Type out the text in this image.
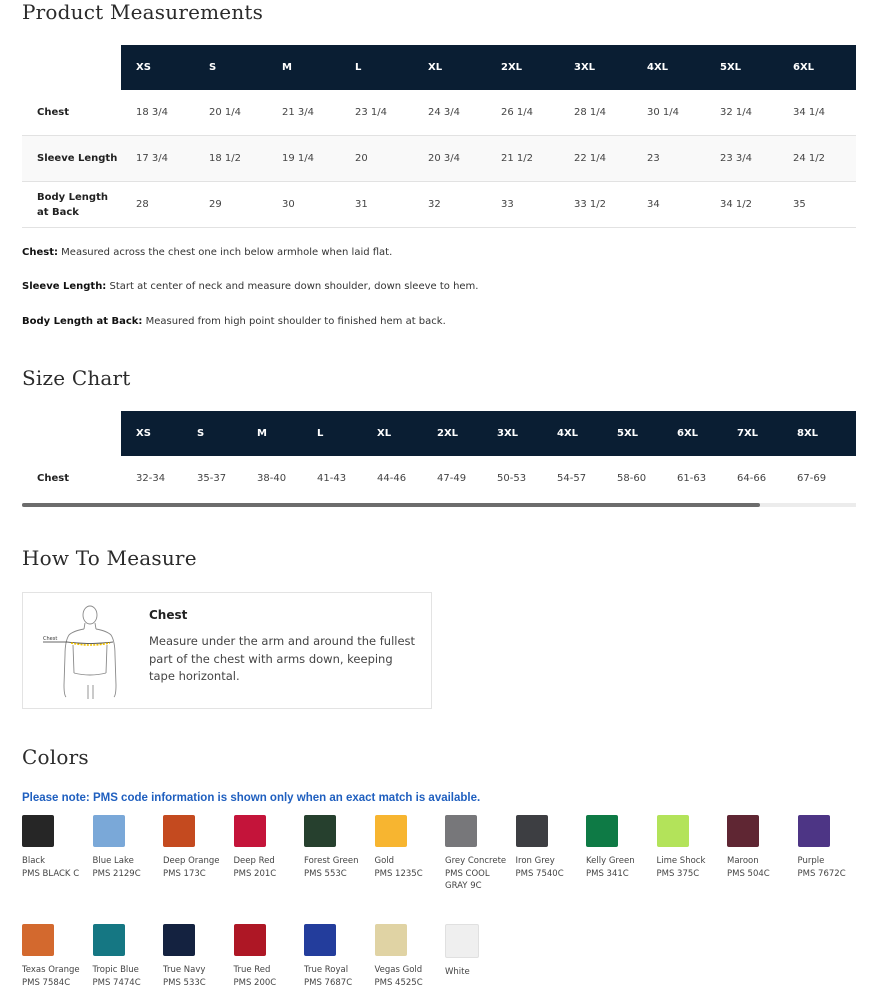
Product Measurements
	XS	S	M	L	XL	2XL	3XL	4XL	5XL	6XL
Chest	18 3/4	20 1/4	21 3/4	23 1/4	24 3/4	26 1/4	28 1/4	30 1/4	32 1/4	34 1/4
Sleeve Length	17 3/4	18 1/2	19 1/4	20	20 3/4	21 1/2	22 1/4	23	23 3/4	24 1/2
Body Length at Back	28	29	30	31	32	33	33 1/2	34	34 1/2	35
Chest: Measured across the chest one inch below armhole when laid flat.
Sleeve Length: Start at center of neck and measure down shoulder, down sleeve to hem.
Body Length at Back: Measured from high point shoulder to finished hem at back.
Size Chart
	XS	S	M	L	XL	2XL	3XL	4XL	5XL	6XL	7XL	8XL
Chest	32-34	35-37	38-40	41-43	44-46	47-49	50-53	54-57	58-60	61-63	64-66	67-69
How To Measure
Chest
Chest
Measure under the arm and around the fullest part of the chest with arms down, keeping tape horizontal.
Colors
Please note: PMS code information is shown only when an exact match is available.
Black
PMS BLACK C
Blue Lake
PMS 2129C
Deep Orange
PMS 173C
Deep Red
PMS 201C
Forest Green
PMS 553C
Gold
PMS 1235C
Grey Concrete
PMS COOL GRAY 9C
Iron Grey
PMS 7540C
Kelly Green
PMS 341C
Lime Shock
PMS 375C
Maroon
PMS 504C
Purple
PMS 7672C
Texas Orange
PMS 7584C
Tropic Blue
PMS 7474C
True Navy
PMS 533C
True Red
PMS 200C
True Royal
PMS 7687C
Vegas Gold
PMS 4525C
White
